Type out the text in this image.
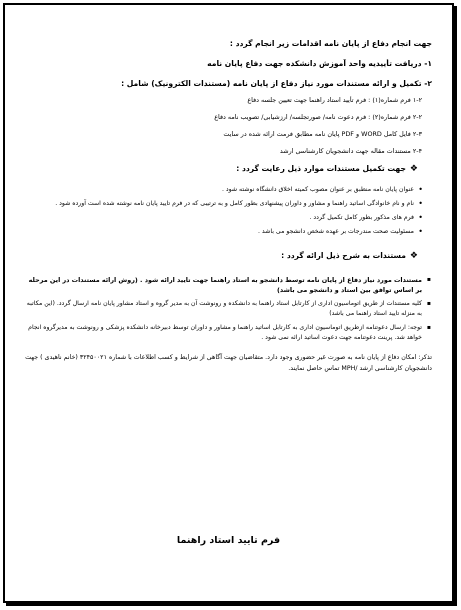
جهت انجام دفاع از پایان نامه اقدامات زیر انجام گردد :

۱- دریافت تأییدیه واحد آموزش دانشکده جهت دفاع پایان نامه

۲- تکمیل و ارائه مستندات مورد نیاز دفاع از پایان نامه (مستندات الکترونیک) شامل :

۱-۲ فرم شماره(۱) : فرم تأیید استاد راهنما جهت تعیین جلسه دفاع

۲-۲ فرم شماره(۲) : فرم دعوت نامه/ صورتجلسه/ ارزشیابی/ تصویب نامه دفاع

۲-۳ فایل کامل WORD و PDF پایان نامه مطابق فرمت ارائه شده در سایت

۲-۴ مستندات مقاله جهت دانشجویان کارشناسی ارشد

❖جهت تکمیل مستندات موارد ذیل رعایت گردد :

• عنوان پایان نامه منطبق بر عنوان مصوب کمیته اخلاق دانشگاه نوشته شود .
• نام و نام خانوادگی اساتید راهنما و مشاور و داوران پیشنهادی بطور کامل و به ترتیبی که در فرم تایید پایان نامه نوشته شده است آورده شود .
• فرم های مذکور بطور کامل تکمیل گردد .
• مسئولیت صحت مندرجات بر عهده شخص دانشجو می باشد .

❖مستندات به شرح ذیل ارائه گردد :

▪ مستندات مورد نیاز دفاع از پایان نامه توسط دانشجو به استاد راهنما جهت تایید ارائه شود . (روش ارائه مستندات در این مرحله بر اساس توافق بین استاد و دانشجو می باشد)
▪ کلیه مستندات از طریق اتوماسیون اداری از کارتابل استاد راهنما به دانشکده و رونوشت آن به مدیر گروه و استاد مشاور پایان نامه ارسال گردد. (این مکاتبه به منزله تایید استاد راهنما می باشد)
▪ توجه: ارسال دعوتنامه ازطریق اتوماسیون اداری به کارتابل اساتید راهنما و مشاور و داوران توسط دبیرخانه دانشکده پزشکی و رونوشت به مدیرگروه انجام خواهد شد. پرینت دعوتنامه جهت دعوت اساتید ارائه نمی شود .

تذکر: امکان دفاع از پایان نامه به صورت غیر حضوری وجود دارد. متقاضیان جهت آگاهی از شرایط و کسب اطلاعات با شماره ۳۲۴۵۰۰۲۱ (خانم ناهیدی ) جهت دانشجویان کارشناسی ارشد /MPH تماس حاصل نمایند.

فرم تایید استاد راهنما
